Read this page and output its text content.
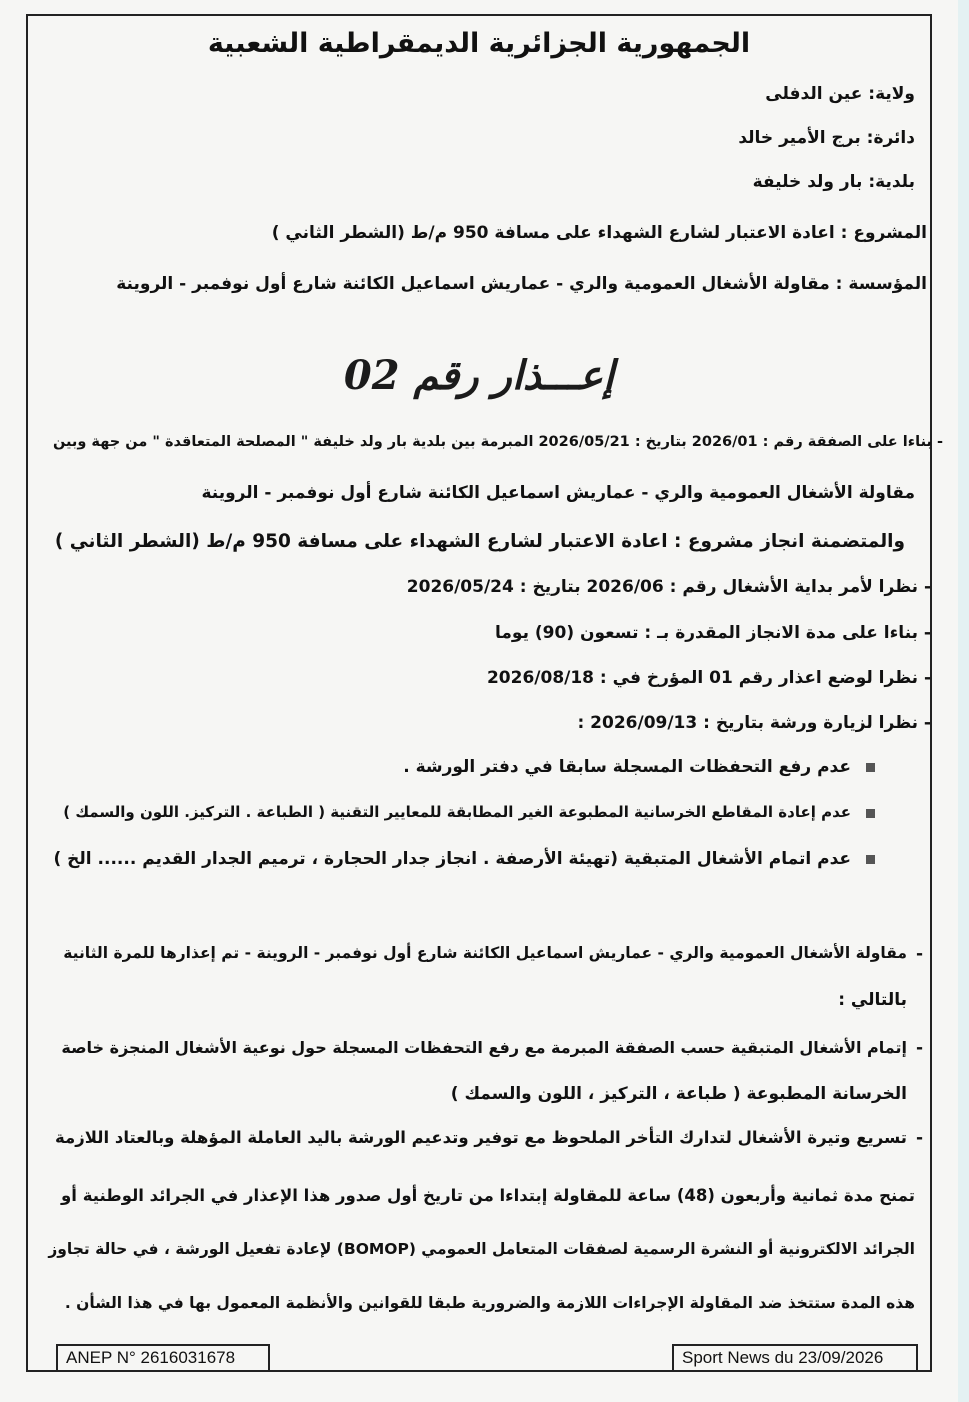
الجمهورية الجزائرية الديمقراطية الشعبية
ولاية: عين الدفلى
دائرة: برج الأمير خالد
بلدية: بار ولد خليفة
المشروع : اعادة الاعتبار لشارع الشهداء على مسافة 950 م/ط (الشطر الثاني )
المؤسسة : مقاولة الأشغال العمومية والري - عماريش اسماعيل الكائنة شارع أول نوفمبر - الروينة
إعـــذار رقم 02
- بناءا على الصفقة رقم : 2026/01 بتاريخ : 2026/05/21 المبرمة بين بلدية بار ولد خليفة " المصلحة المتعاقدة " من جهة وبين
مقاولة الأشغال العمومية والري - عماريش اسماعيل الكائنة شارع أول نوفمبر - الروينة
والمتضمنة انجاز مشروع : اعادة الاعتبار لشارع الشهداء على مسافة 950 م/ط (الشطر الثاني )
- نظرا لأمر بداية الأشغال رقم : 2026/06 بتاريخ : 2026/05/24
- بناءا على مدة الانجاز المقدرة بـ : تسعون (90) يوما
- نظرا لوضع اعذار رقم 01 المؤرخ في : 2026/08/18
- نظرا لزيارة ورشة بتاريخ : 2026/09/13 :
عدم رفع التحفظات المسجلة سابقا في دفتر الورشة .
عدم إعادة المقاطع الخرسانية المطبوعة الغير المطابقة للمعايير التقنية ( الطباعة . التركيز. اللون والسمك )
عدم اتمام الأشغال المتبقية (تهيئة الأرصفة . انجاز جدار الحجارة ، ترميم الجدار القديم ...... الخ )
-
مقاولة الأشغال العمومية والري - عماريش اسماعيل الكائنة شارع أول نوفمبر - الروينة - تم إعذارها للمرة الثانية
بالتالي :
-
إتمام الأشغال المتبقية حسب الصفقة المبرمة مع رفع التحفظات المسجلة حول نوعية الأشغال المنجزة خاصة
الخرسانة المطبوعة ( طباعة ، التركيز ، اللون والسمك )
-
تسريع وتيرة الأشغال لتدارك التأخر الملحوظ مع توفير وتدعيم الورشة باليد العاملة المؤهلة وبالعتاد اللازمة
تمنح مدة ثمانية وأربعون (48) ساعة للمقاولة إبتداءا من تاريخ أول صدور هذا الإعذار في الجرائد الوطنية أو
الجرائد الالكترونية أو النشرة الرسمية لصفقات المتعامل العمومي (BOMOP) لإعادة تفعيل الورشة ، في حالة تجاوز
هذه المدة ستتخذ ضد المقاولة الإجراءات اللازمة والضرورية طبقا للقوانين والأنظمة المعمول بها في هذا الشأن .
ANEP N° 2616031678	Sport News du 23/09/2026
